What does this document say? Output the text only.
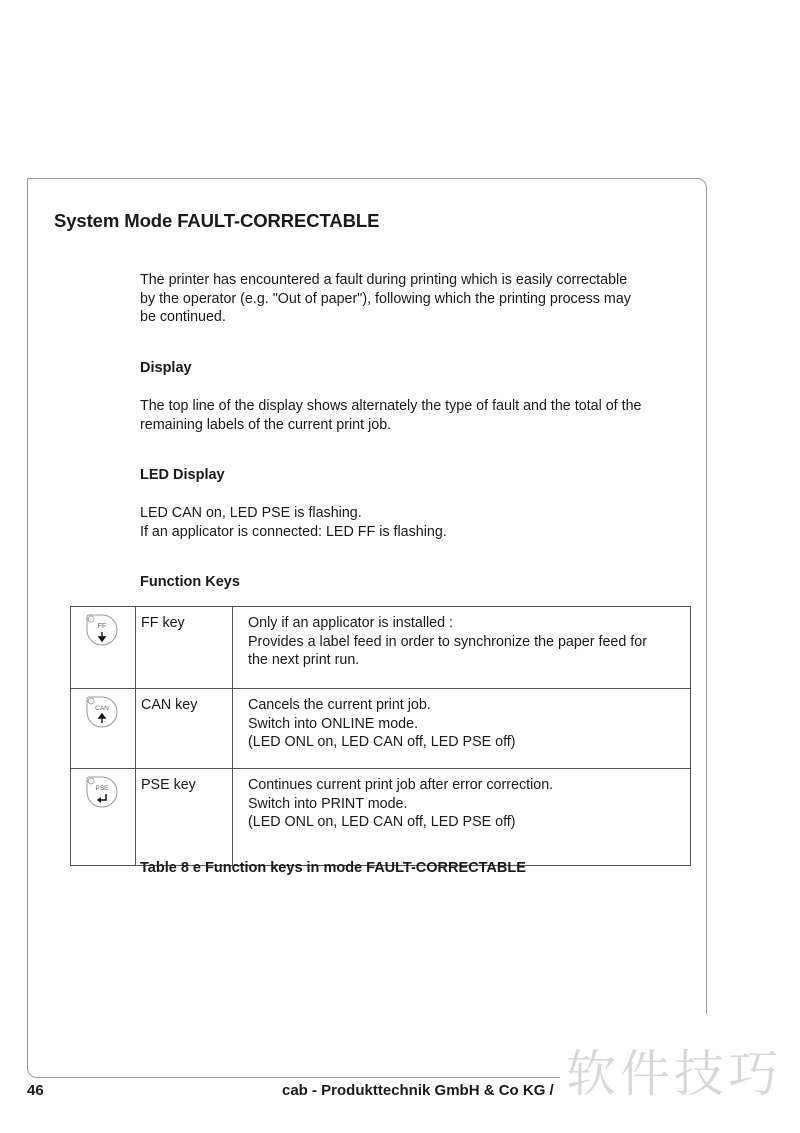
System Mode FAULT-CORRECTABLE

The printer has encountered a fault during printing which is easily correctable
by the operator (e.g. "Out of paper"), following which the printing process may
be continued.

Display

The top line of the display shows alternately the type of fault and the total of the
remaining labels of the current print job.

LED Display

LED CAN on, LED PSE is flashing.
If an applicator is connected: LED FF is flashing.

Function Keys
FF	FF key	Only if an applicator is installed :
Provides a label feed in order to synchronize the paper feed for
the next print run.

CAN	CAN key	Cancels the current print job.
Switch into ONLINE mode.
(LED ONL on, LED CAN off, LED PSE off)

PSE	PSE key	Continues current print job after error correction.
Switch into PRINT mode.
(LED ONL on, LED CAN off, LED PSE off)

Table 8 e Function keys in mode FAULT-CORRECTABLE

46	cab - Produkttechnik GmbH & Co KG / 软件技巧
